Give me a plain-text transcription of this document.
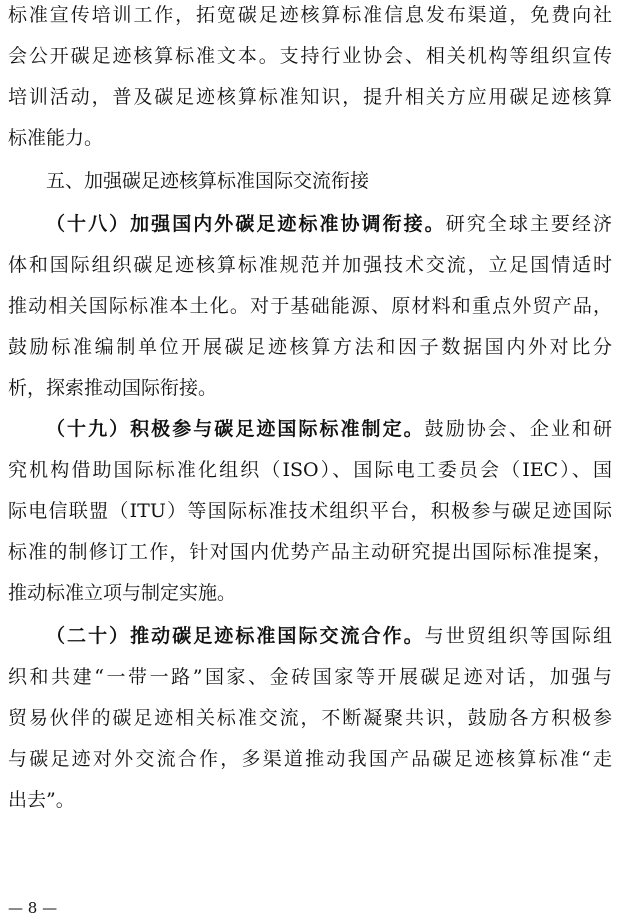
标准宣传培训工作，拓宽碳足迹核算标准信息发布渠道，免费向社
会公开碳足迹核算标准文本。支持行业协会、相关机构等组织宣传
培训活动，普及碳足迹核算标准知识，提升相关方应用碳足迹核算
标准能力。
五、加强碳足迹核算标准国际交流衔接
（十八）加强国内外碳足迹标准协调衔接。研究全球主要经济
体和国际组织碳足迹核算标准规范并加强技术交流，立足国情适时
推动相关国际标准本土化。对于基础能源、原材料和重点外贸产品，
鼓励标准编制单位开展碳足迹核算方法和因子数据国内外对比分
析，探索推动国际衔接。
（十九）积极参与碳足迹国际标准制定。鼓励协会、企业和研
究机构借助国际标准化组织（ISO）、国际电工委员会（IEC）、国
际电信联盟（ITU）等国际标准技术组织平台，积极参与碳足迹国际
标准的制修订工作，针对国内优势产品主动研究提出国际标准提案，
推动标准立项与制定实施。
（二十）推动碳足迹标准国际交流合作。与世贸组织等国际组
织和共建“一带一路”国家、金砖国家等开展碳足迹对话，加强与
贸易伙伴的碳足迹相关标准交流，不断凝聚共识，鼓励各方积极参
与碳足迹对外交流合作，多渠道推动我国产品碳足迹核算标准“走
出去”。
— 8 —
